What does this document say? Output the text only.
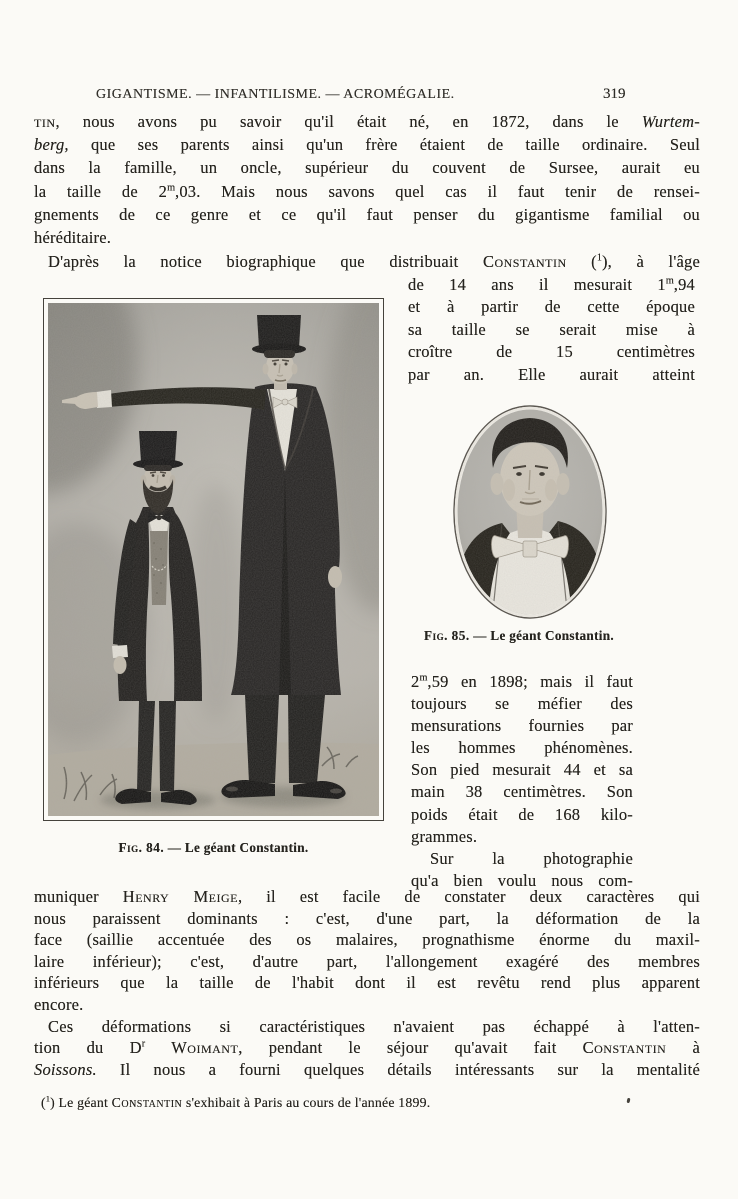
GIGANTISME. — INFANTILISME. — ACROMÉGALIE.	319
tin, nous avons pu savoir qu'il était né, en 1872, dans le Wurtem-
berg, que ses parents ainsi qu'un frère étaient de taille ordinaire. Seul
dans la famille, un oncle, supérieur du couvent de Sursee, aurait eu
la taille de 2$^m$,03. Mais nous savons quel cas il faut tenir de rensei-
gnements de ce genre et ce qu'il faut penser du gigantisme familial ou
héréditaire.
D'après la notice biographique que distribuait Constantin ($^1$), à l'âge
de 14 ans il mesurait 1$^m$,94
et à partir de cette époque
sa taille se serait mise à
croître de 15 centimètres
par an. Elle aurait atteint
Fig. 84. — Le géant Constantin.
Fig. 85. — Le géant Constantin.
2$^m$,59 en 1898; mais il faut
toujours se méfier des
mensurations fournies par
les hommes phénomènes.
Son pied mesurait 44 et sa
main 38 centimètres. Son
poids était de 168 kilo-
grammes.
Sur la photographie
qu'a bien voulu nous com-
muniquer Henry Meige, il est facile de constater deux caractères qui
nous paraissent dominants : c'est, d'une part, la déformation de la
face (saillie accentuée des os malaires, prognathisme énorme du maxil-
laire inférieur); c'est, d'autre part, l'allongement exagéré des membres
inférieurs que la taille de l'habit dont il est revêtu rend plus apparent
encore.
Ces déformations si caractéristiques n'avaient pas échappé à l'atten-
tion du $D^r$ Woimant, pendant le séjour qu'avait fait Constantin à
Soissons. Il nous a fourni quelques détails intéressants sur la mentalité
($^1$) Le géant Constantin s'exhibait à Paris au cours de l'année 1899.
